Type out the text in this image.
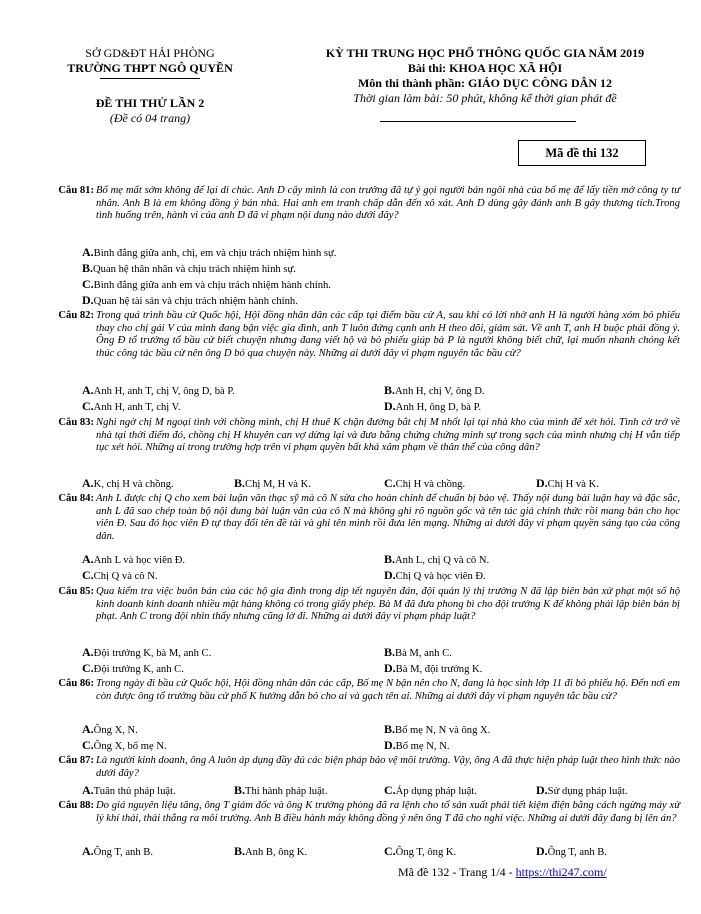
SỞ GD&ĐT HẢI PHÒNG
TRƯỜNG THPT NGÔ QUYỀN
ĐỀ THI THỬ LẦN 2
(Đề có 04 trang)
KỲ THI TRUNG HỌC PHỔ THÔNG QUỐC GIA NĂM 2019
Bài thi: KHOA HỌC XÃ HỘI
Môn thi thành phần: GIÁO DỤC CÔNG DÂN 12
Thời gian làm bài: 50 phút, không kể thời gian phát đề
Mã đề thi 132
Câu 81: Bố mẹ mất sớm không để lại di chúc. Anh D cậy mình là con trưởng đã tự ý gọi người bán ngôi nhà của bố mẹ để lấy tiền mở công ty tư nhân. Anh B là em không đồng ý bán nhà. Hai anh em tranh chấp dẫn đến xô xát. Anh D dùng gậy đánh anh B gây thương tích.Trong tình huống trên, hành vi của anh D đã vi phạm nội dung nào dưới đây?
A.Bình đẳng giữa anh, chị, em và chịu trách nhiệm hình sự.
B.Quan hệ thân nhân và chịu trách nhiệm hình sự.
C.Bình đẳng giữa anh em và chịu trách nhiệm hành chính.
D.Quan hệ tài sản và chịu trách nhiệm hành chính.
Câu 82: Trong quá trình bầu cử Quốc hội, Hội đồng nhân dân các cấp tại điểm bầu cử A, sau khi có lời nhờ anh H là người hàng xóm bỏ phiếu thay cho chị gái V của mình đang bận việc gia đình, anh T luôn đứng cạnh anh H theo dõi, giám sát. Về anh T, anh H buộc phải đồng ý. Ông Đ tổ trưởng tổ bầu cử biết chuyện nhưng đang viết hộ và bỏ phiếu giúp bà P là người không biết chữ, lại muốn nhanh chóng kết thúc công tác bầu cử nên ông D bỏ qua chuyện này. Những ai dưới đây vi phạm nguyên tắc bầu cử?
A.Anh H, anh T, chị V, ông D, bà P.	B.Anh H, chị V, ông D.
C.Anh H, anh T, chị V.	D.Anh H, ông D, bà P.
Câu 83: Nghi ngờ chị M ngoại tình với chồng mình, chị H thuê K chặn đường bắt chị M nhốt lại tại nhà kho của mình để xét hỏi. Tình cờ trở về nhà tại thời điểm đó, chồng chị H khuyên can vợ dừng lại và đưa bằng chứng chứng minh sự trong sạch của mình nhưng chị H vẫn tiếp tục xét hỏi. Những ai trong trường hợp trên vi phạm quyền bất khả xâm phạm về thân thể của công dân?
A.K, chị H và chồng.	B.Chị M, H và K.	C.Chị H và chồng.	D.Chị H và K.
Câu 84: Anh L được chị Q cho xem bài luận văn thạc sỹ mà cô N sửa cho hoàn chỉnh để chuẩn bị bảo vệ. Thấy nội dung bài luận hay và đặc sắc, anh L đã sao chép toàn bộ nội dung bài luận văn của cô N mà không ghi rõ nguồn gốc và tên tác giả chính thức rồi mang bán cho học viên Đ. Sau đó học viên Đ tự thay đổi tên đề tài và ghi tên mình rồi đưa lên mạng. Những ai dưới đây vi phạm quyền sáng tạo của công dân.
A.Anh L và học viên Đ.	B.Anh L, chị Q và cô N.
C.Chị Q và cô N.	D.Chị Q và học viên Đ.
Câu 85: Qua kiểm tra việc buôn bán của các hộ gia đình trong dịp tết nguyên đán, đội quản lý thị trường N đã lập biên bản xử phạt một số hộ kinh doanh kinh doanh nhiều mặt hàng không có trong giấy phép. Bà M đã đưa phong bì cho đội trưởng K để không phải lập biên bản bị phạt. Anh C trong đội nhìn thấy nhưng cũng lờ đi. Những ai dưới đây vi phạm pháp luật?
A.Đội trưởng K, bà M, anh C.	B.Bà M, anh C.
C.Đội trưởng K, anh C.	D.Bà M, đội trưởng K.
Câu 86: Trong ngày đi bầu cử Quốc hội, Hội đồng nhân dân các cấp, Bố mẹ N bận nên cho N, đang là học sinh lớp 11 đi bỏ phiếu hộ. Đến nơi em còn được ông tổ trưởng bầu cử phố K hướng dẫn bỏ cho ai và gạch tên ai. Những ai dưới đây vi phạm nguyên tắc bầu cử?
A.Ông X, N.	B.Bố mẹ N, N và ông X.
C.Ông X, bố mẹ N.	D.Bố mẹ N, N.
Câu 87: Là người kinh doanh, ông A luôn áp dụng đầy đủ các biện pháp bảo vệ môi trường. Vậy, ông A đã thực hiện pháp luật theo hình thức nào dưới đây?
A.Tuân thủ pháp luật.	B.Thi hành pháp luật.	C.Áp dụng pháp luật.	D.Sử dụng pháp luật.
Câu 88: Do giá nguyên liệu tăng, ông T giám đốc và ông K trưởng phòng đã ra lệnh cho tổ sản xuất phải tiết kiệm điện bằng cách ngừng máy xử lý khí thải, thải thẳng ra môi trường. Anh B điều hành máy không đồng ý nên ông T đã cho nghỉ việc. Những ai dưới đây đang bị lên án?
A.Ông T, anh B.	B.Anh B, ông K.	C.Ông T, ông K.	D.Ông T, anh B.
Mã đề 132 - Trang 1/4 - https://thi247.com/
